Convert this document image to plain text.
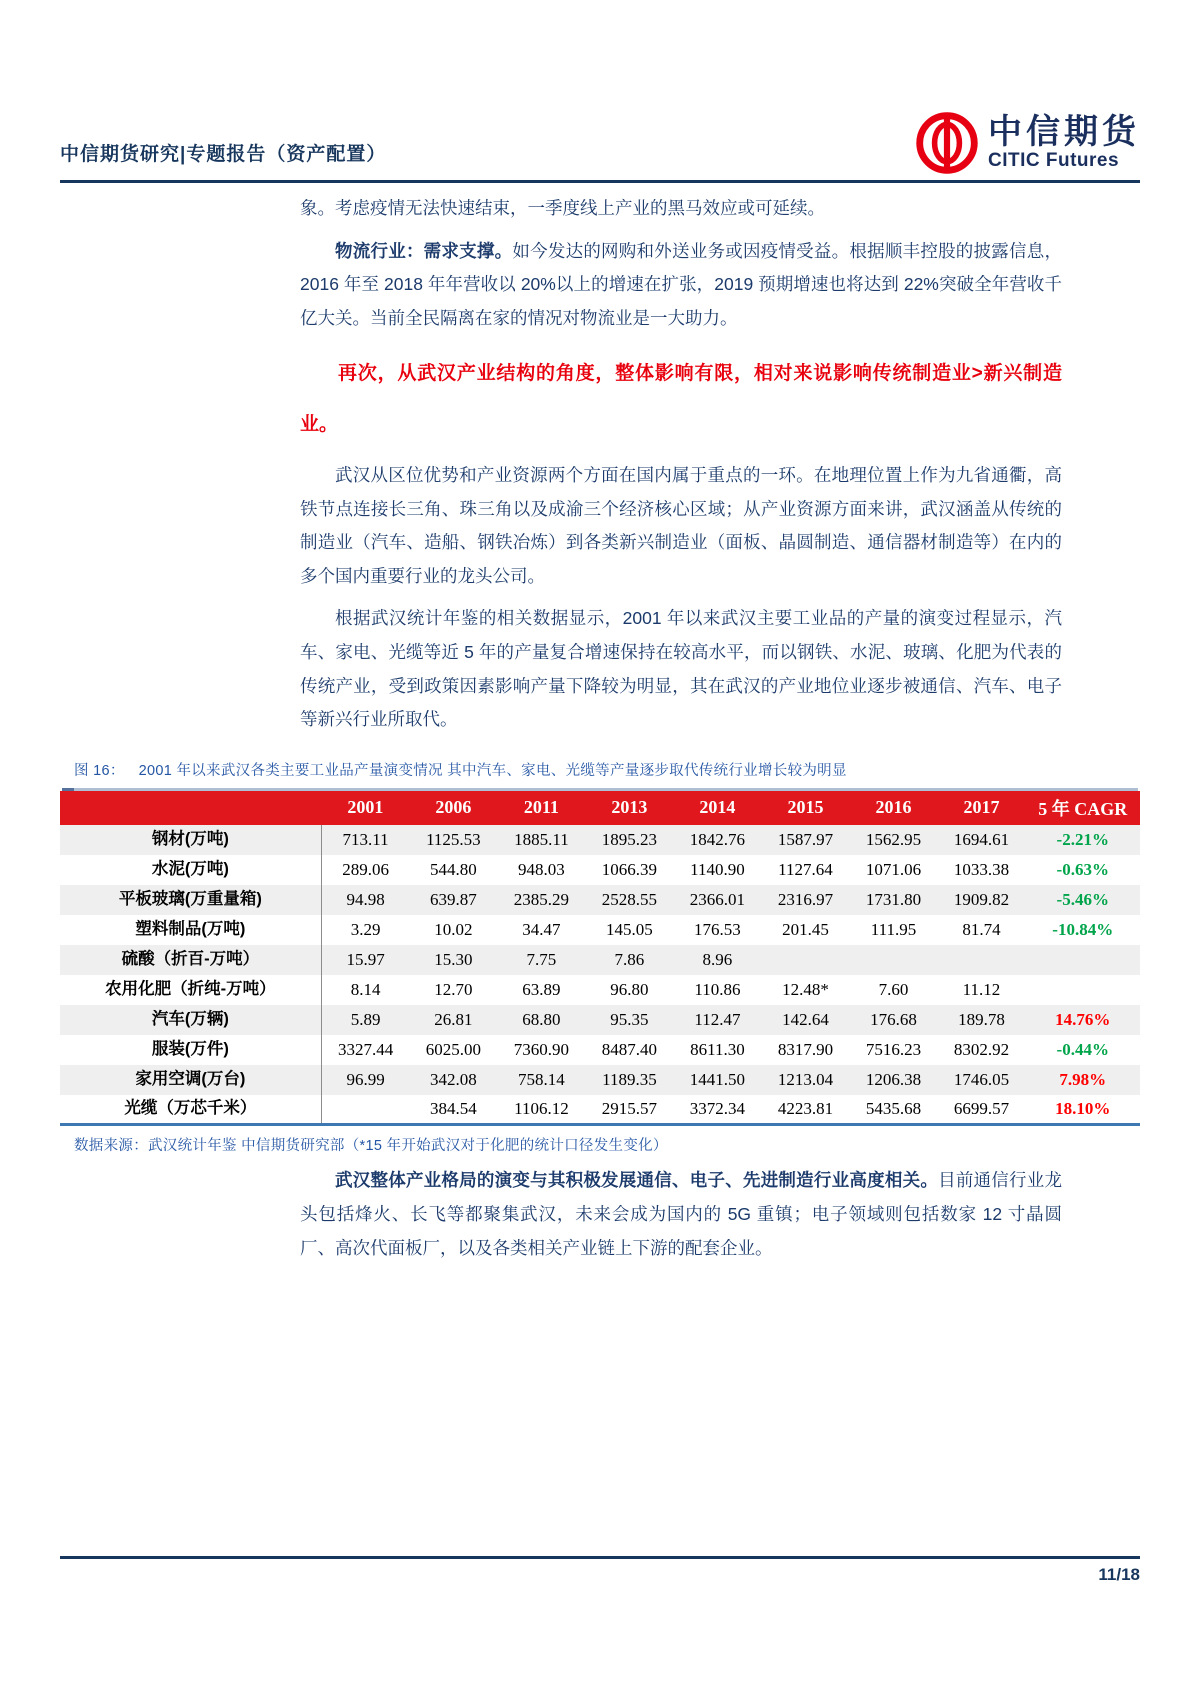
中信期货研究|专题报告（资产配置）
中信期货
CITIC Futures

象。考虑疫情无法快速结束，一季度线上产业的黑马效应或可延续。

物流行业：需求支撑。如今发达的网购和外送业务或因疫情受益。根据顺丰控股的披露信息，2016 年至 2018 年年营收以 20%以上的增速在扩张，2019 预期增速也将达到 22%突破全年营收千亿大关。当前全民隔离在家的情况对物流业是一大助力。

再次，从武汉产业结构的角度，整体影响有限，相对来说影响传统制造业>新兴制造业。

武汉从区位优势和产业资源两个方面在国内属于重点的一环。在地理位置上作为九省通衢，高铁节点连接长三角、珠三角以及成渝三个经济核心区域；从产业资源方面来讲，武汉涵盖从传统的制造业（汽车、造船、钢铁冶炼）到各类新兴制造业（面板、晶圆制造、通信器材制造等）在内的多个国内重要行业的龙头公司。

根据武汉统计年鉴的相关数据显示，2001 年以来武汉主要工业品的产量的演变过程显示，汽车、家电、光缆等近 5 年的产量复合增速保持在较高水平，而以钢铁、水泥、玻璃、化肥为代表的传统产业，受到政策因素影响产量下降较为明显，其在武汉的产业地位业逐步被通信、汽车、电子等新兴行业所取代。

图 16： 2001 年以来武汉各类主要工业品产量演变情况 其中汽车、家电、光缆等产量逐步取代传统行业增长较为明显
	2001	2006	2011	2013	2014	2015	2016	2017	5 年 CAGR
钢材(万吨)	713.11	1125.53	1885.11	1895.23	1842.76	1587.97	1562.95	1694.61	-2.21%
水泥(万吨)	289.06	544.80	948.03	1066.39	1140.90	1127.64	1071.06	1033.38	-0.63%
平板玻璃(万重量箱)	94.98	639.87	2385.29	2528.55	2366.01	2316.97	1731.80	1909.82	-5.46%
塑料制品(万吨)	3.29	10.02	34.47	145.05	176.53	201.45	111.95	81.74	-10.84%
硫酸（折百-万吨）	15.97	15.30	7.75	7.86	8.96				
农用化肥（折纯-万吨）	8.14	12.70	63.89	96.80	110.86	12.48*	7.60	11.12	
汽车(万辆)	5.89	26.81	68.80	95.35	112.47	142.64	176.68	189.78	14.76%
服装(万件)	3327.44	6025.00	7360.90	8487.40	8611.30	8317.90	7516.23	8302.92	-0.44%
家用空调(万台)	96.99	342.08	758.14	1189.35	1441.50	1213.04	1206.38	1746.05	7.98%
光缆（万芯千米）		384.54	1106.12	2915.57	3372.34	4223.81	5435.68	6699.57	18.10%
数据来源：武汉统计年鉴 中信期货研究部（*15 年开始武汉对于化肥的统计口径发生变化）

武汉整体产业格局的演变与其积极发展通信、电子、先进制造行业高度相关。目前通信行业龙头包括烽火、长飞等都聚集武汉，未来会成为国内的 5G 重镇；电子领域则包括数家 12 寸晶圆厂、高次代面板厂，以及各类相关产业链上下游的配套企业。

11/18
